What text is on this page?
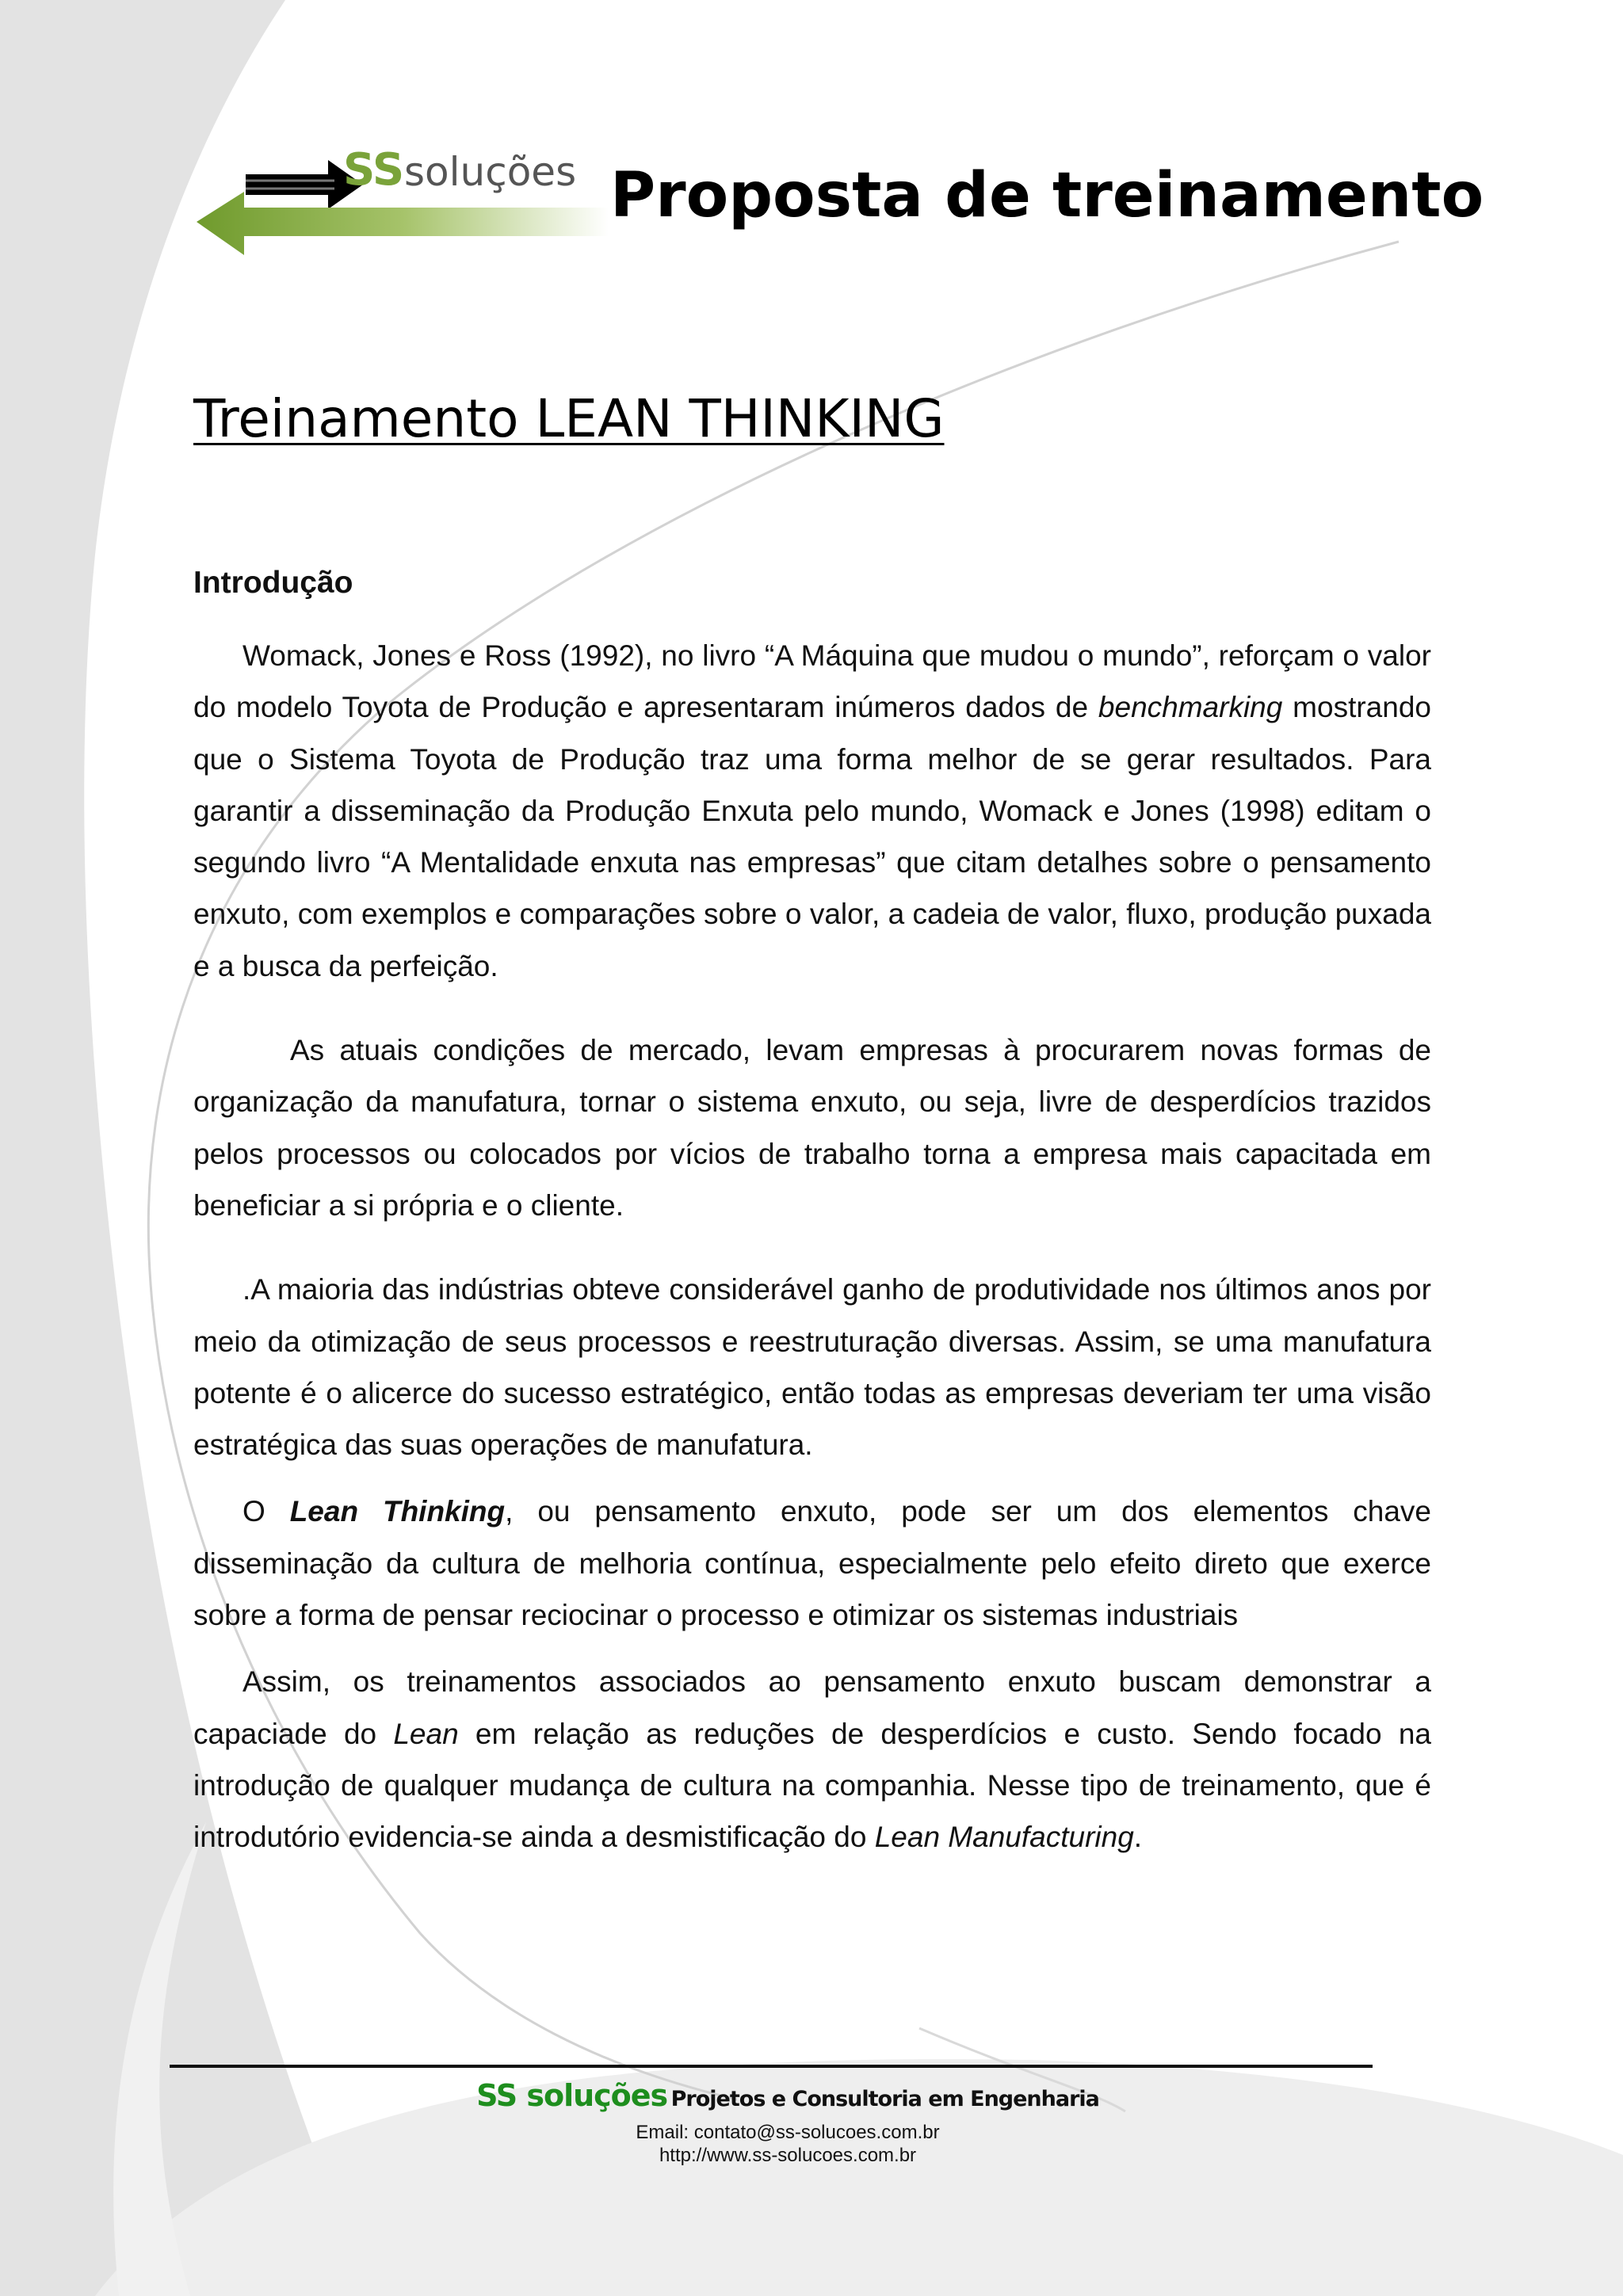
SS soluções Proposta de treinamento
Treinamento LEAN THINKING
Introdução

Womack, Jones e Ross (1992), no livro “A Máquina que mudou o mundo”, reforçam o valor do modelo Toyota de Produção e apresentaram inúmeros dados de benchmarking mostrando que o Sistema Toyota de Produção traz uma forma melhor de se gerar resultados. Para garantir a disseminação da Produção Enxuta pelo mundo, Womack e Jones (1998) editam o segundo livro “A Mentalidade enxuta nas empresas” que citam detalhes sobre o pensamento enxuto, com exemplos e comparações sobre o valor, a cadeia de valor, fluxo, produção puxada e a busca da perfeição.

As atuais condições de mercado, levam empresas à procurarem novas formas de organização da manufatura, tornar o sistema enxuto, ou seja, livre de desperdícios trazidos pelos processos ou colocados por vícios de trabalho torna a empresa mais capacitada em beneficiar a si própria e o cliente.

.A maioria das indústrias obteve considerável ganho de produtividade nos últimos anos por meio da otimização de seus processos e reestruturação diversas. Assim, se uma manufatura potente é o alicerce do sucesso estratégico, então todas as empresas deveriam ter uma visão estratégica das suas operações de manufatura.

O Lean Thinking, ou pensamento enxuto, pode ser um dos elementos chave disseminação da cultura de melhoria contínua, especialmente pelo efeito direto que exerce sobre a forma de pensar reciocinar o processo e otimizar os sistemas industriais

Assim, os treinamentos associados ao pensamento enxuto buscam demonstrar a capaciade do Lean em relação as reduções de desperdícios e custo. Sendo focado na introdução de qualquer mudança de cultura na companhia. Nesse tipo de treinamento, que é introdutório evidencia-se ainda a desmistificação do Lean Manufacturing.

SS soluções Projetos e Consultoria em Engenharia
Email: contato@ss-solucoes.com.br
http://www.ss-solucoes.com.br
